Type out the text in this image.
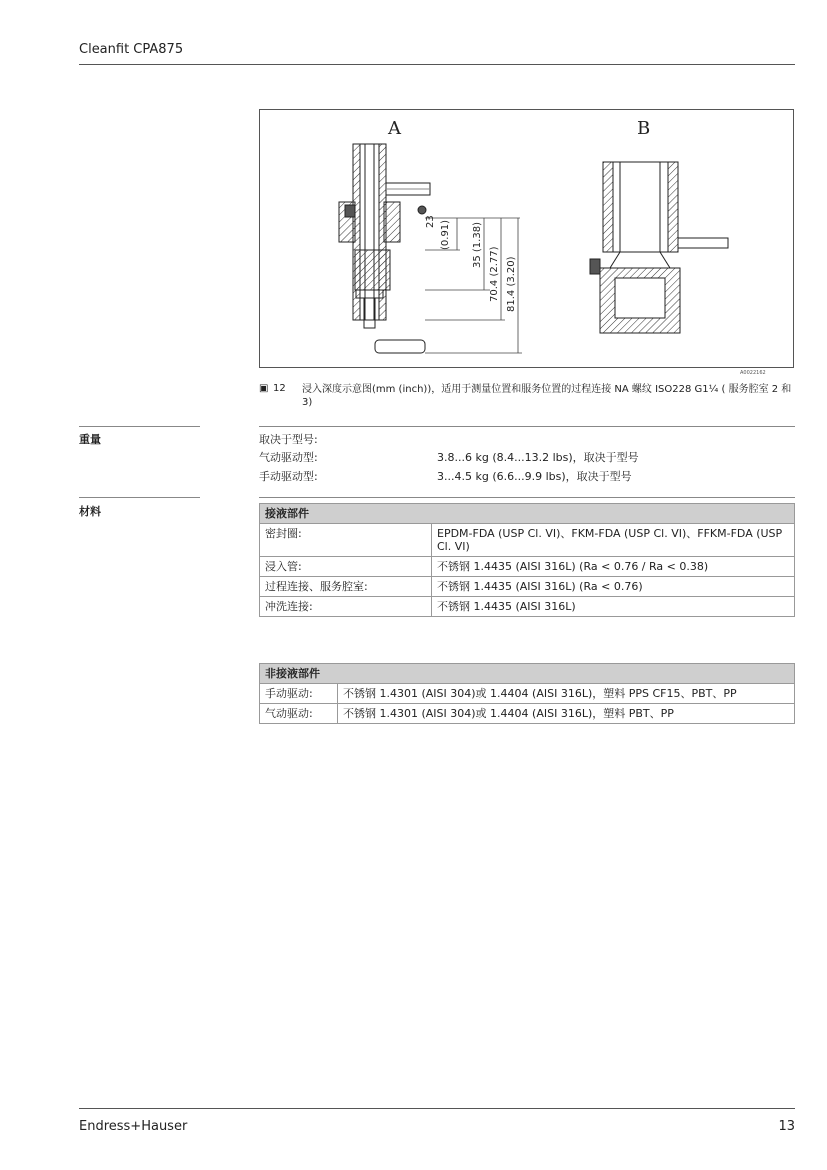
Cleanfit CPA875
A	B
23 (0.91) 35 (1.38)
70.4 (2.77) 81.4 (3.20)
A0022162
▣ 12 浸入深度示意图(mm (inch))，适用于测量位置和服务位置的过程连接 NA 螺纹 ISO228 G1¼ ( 服务腔室 2 和 3)
重量	取决于型号:
气动驱动型:	3.8...6 kg (8.4...13.2 lbs)，取决于型号
手动驱动型:	3...4.5 kg (6.6...9.9 lbs)，取决于型号
材料	接液部件	
密封圈:	EPDM-FDA (USP Cl. VI)、FKM-FDA (USP Cl. VI)、FFKM-FDA (USP Cl. VI)
浸入管:	不锈钢 1.4435 (AISI 316L) (Ra < 0.76 / Ra < 0.38)
过程连接、服务腔室:	不锈钢 1.4435 (AISI 316L) (Ra < 0.76)
冲洗连接:	不锈钢 1.4435 (AISI 316L)
非接液部件	
手动驱动:	不锈钢 1.4301 (AISI 304)或 1.4404 (AISI 316L)，塑料 PPS CF15、PBT、PP
气动驱动:	不锈钢 1.4301 (AISI 304)或 1.4404 (AISI 316L)，塑料 PBT、PP
Endress+Hauser	13
